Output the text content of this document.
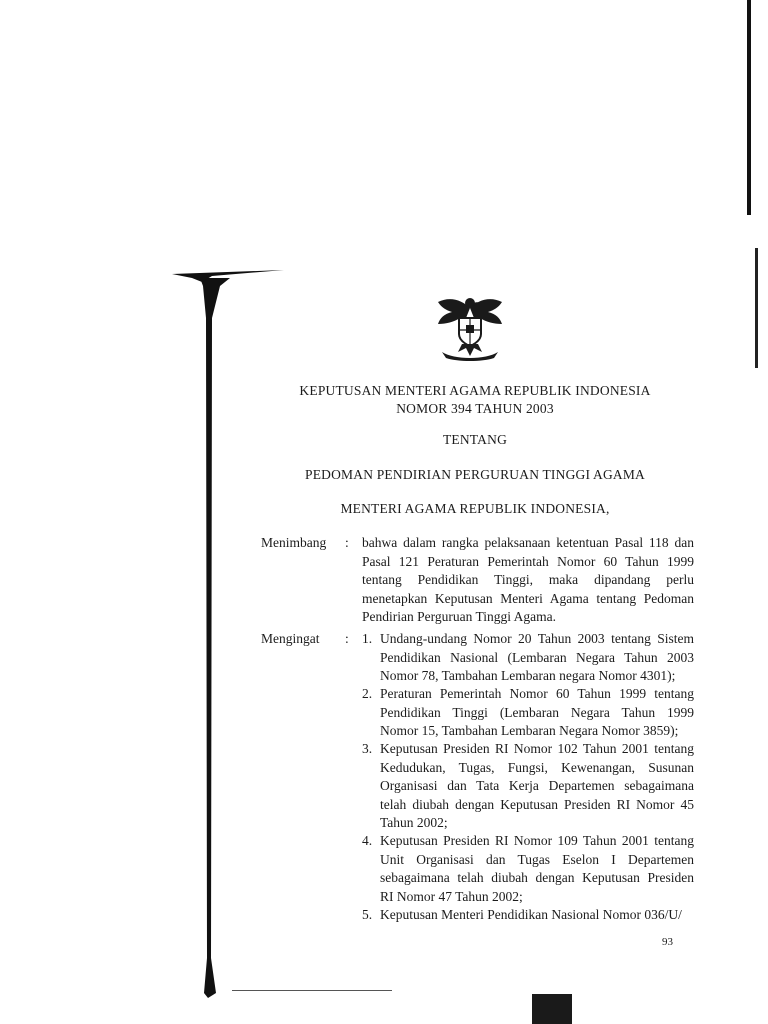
KEPUTUSAN MENTERI AGAMA REPUBLIK INDONESIA
NOMOR 394 TAHUN 2003
TENTANG
PEDOMAN PENDIRIAN PERGURUAN TINGGI AGAMA
MENTERI AGAMA REPUBLIK INDONESIA,
Menimbang : bahwa dalam rangka pelaksanaan ketentuan Pasal 118 dan
Pasal 121 Peraturan Pemerintah Nomor 60 Tahun 1999
tentang Pendidikan Tinggi, maka dipandang perlu
menetapkan Keputusan Menteri Agama tentang Pedoman
Pendirian Perguruan Tinggi Agama.
Mengingat : 1. Undang-undang Nomor 20 Tahun 2003 tentang Sistem
Pendidikan Nasional (Lembaran Negara Tahun 2003
Nomor 78, Tambahan Lembaran negara Nomor 4301);
2. Peraturan Pemerintah Nomor 60 Tahun 1999 tentang
Pendidikan Tinggi (Lembaran Negara Tahun 1999
Nomor 15, Tambahan Lembaran Negara Nomor 3859);
3. Keputusan Presiden RI Nomor 102 Tahun 2001 tentang
Kedudukan, Tugas, Fungsi, Kewenangan, Susunan
Organisasi dan Tata Kerja Departemen sebagaimana
telah diubah dengan Keputusan Presiden RI Nomor 45
Tahun 2002;
4. Keputusan Presiden RI Nomor 109 Tahun 2001 tentang
Unit Organisasi dan Tugas Eselon I Departemen
sebagaimana telah diubah dengan Keputusan Presiden
RI Nomor 47 Tahun 2002;
5. Keputusan Menteri Pendidikan Nasional Nomor 036/U/
93
